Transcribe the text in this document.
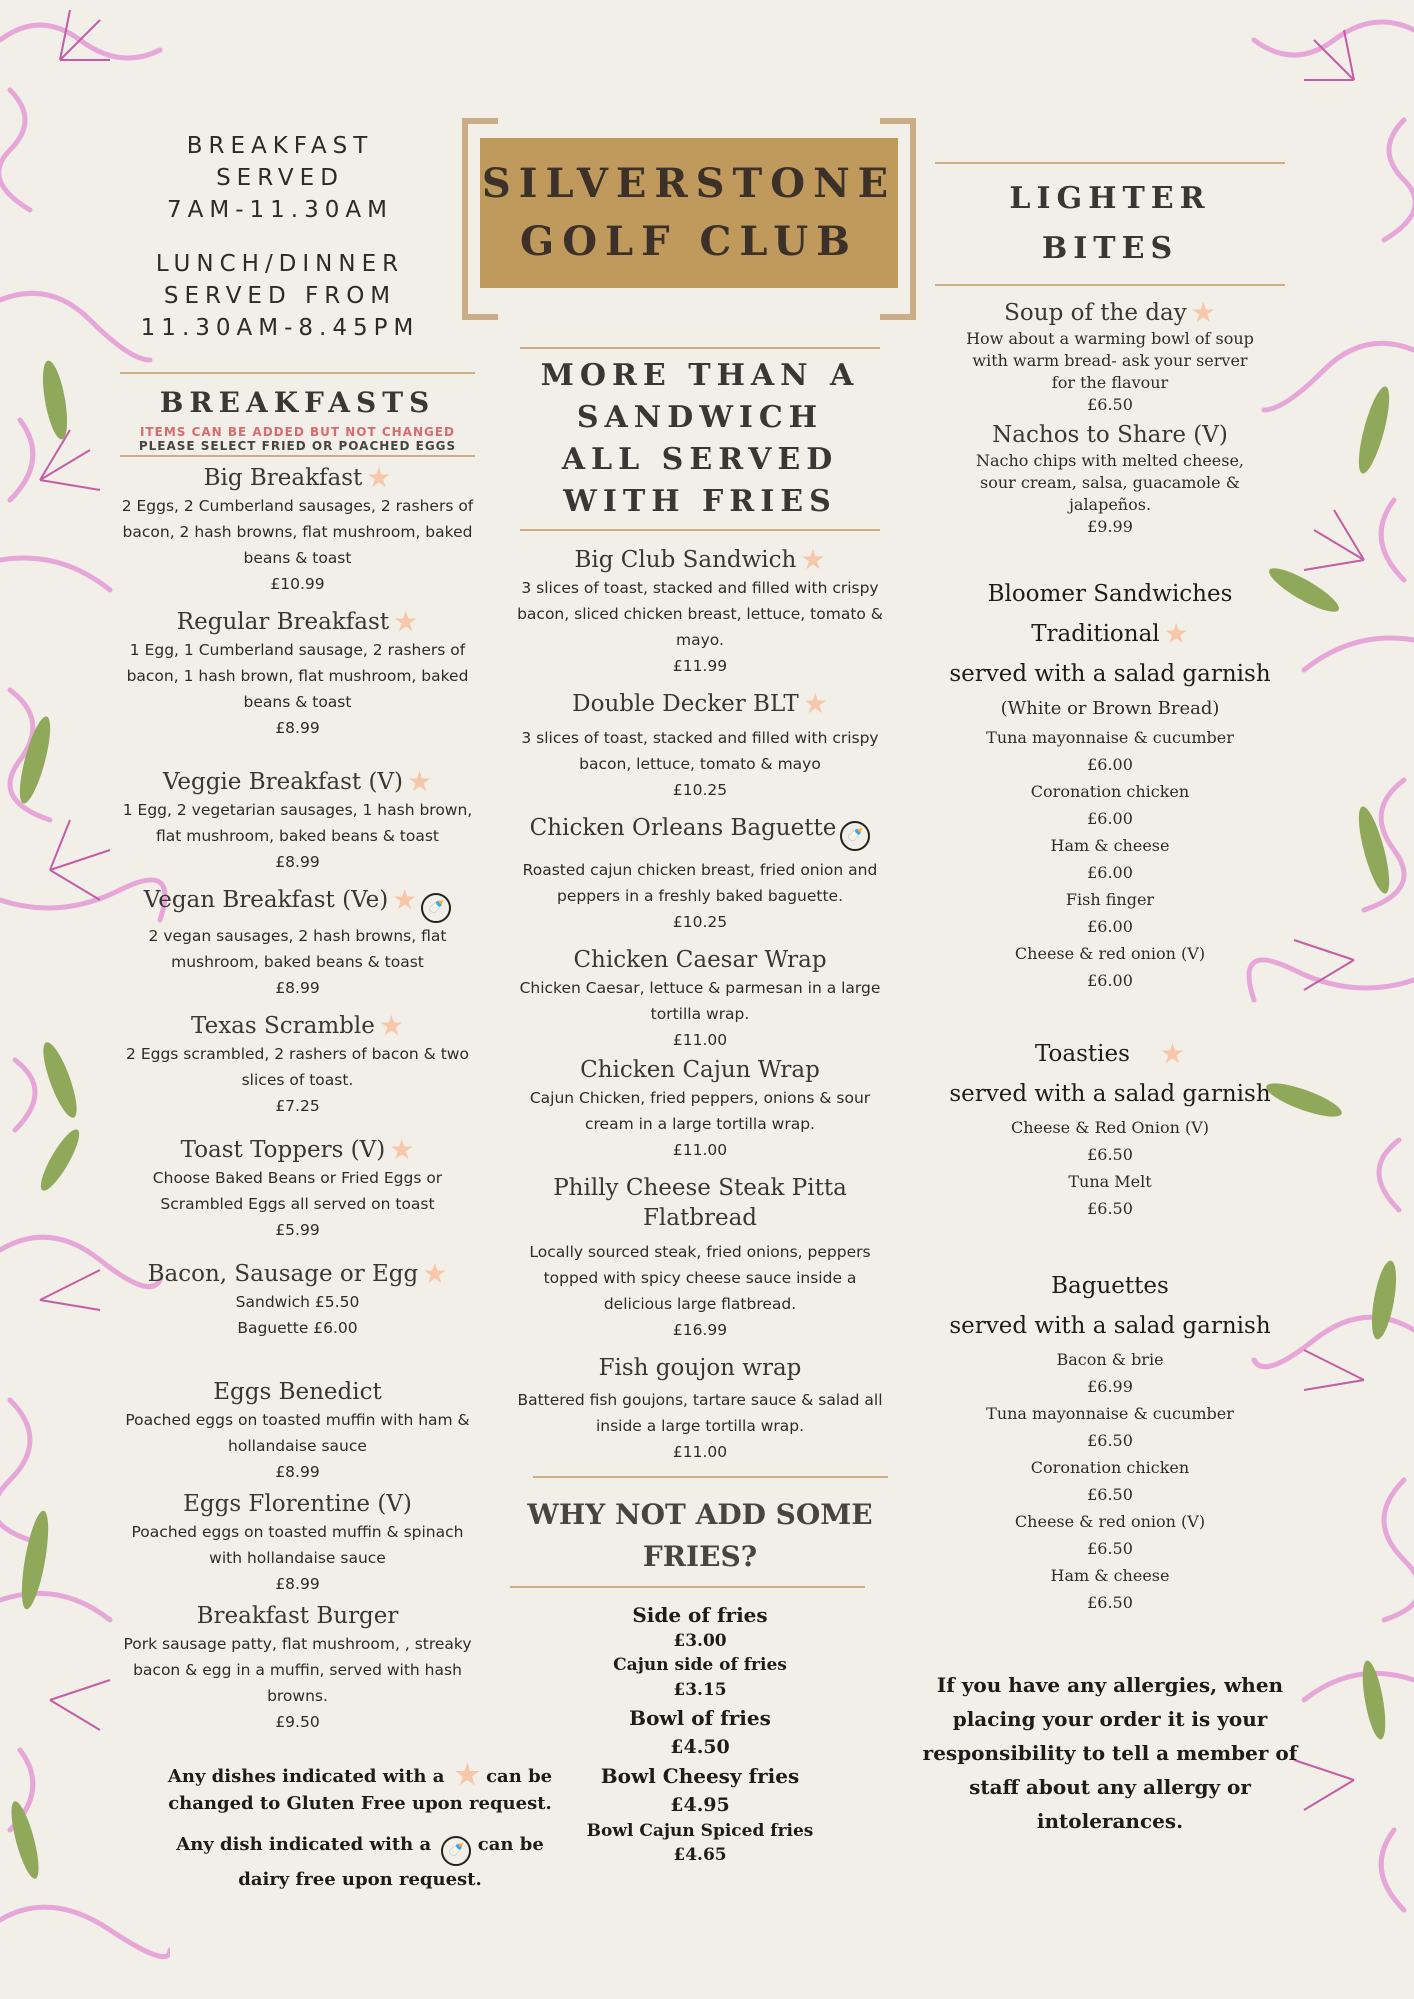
BREAKFAST
SERVED
7AM-11.30AM
LUNCH/DINNER
SERVED FROM
11.30AM-8.45PM
SILVERSTONE
GOLF CLUB
BREAKFASTS
ITEMS CAN BE ADDED BUT NOT CHANGED
PLEASE SELECT FRIED OR POACHED EGGS
Big Breakfast ★
2 Eggs, 2 Cumberland sausages, 2 rashers of bacon, 2 hash browns, flat mushroom, baked beans & toast
£10.99
Regular Breakfast ★
1 Egg, 1 Cumberland sausage, 2 rashers of bacon, 1 hash brown, flat mushroom, baked beans & toast
£8.99
Veggie Breakfast (V) ★
1 Egg, 2 vegetarian sausages, 1 hash brown, flat mushroom, baked beans & toast
£8.99
Vegan Breakfast (Ve) ★ 🍼
2 vegan sausages, 2 hash browns, flat mushroom, baked beans & toast
£8.99
Texas Scramble ★
2 Eggs scrambled, 2 rashers of bacon & two slices of toast.
£7.25
Toast Toppers (V) ★
Choose Baked Beans or Fried Eggs or Scrambled Eggs all served on toast
£5.99
Bacon, Sausage or Egg ★
Sandwich £5.50
Baguette £6.00
Eggs Benedict
Poached eggs on toasted muffin with ham & hollandaise sauce
£8.99
Eggs Florentine (V)
Poached eggs on toasted muffin & spinach with hollandaise sauce
£8.99
Breakfast Burger
Pork sausage patty, flat mushroom, , streaky bacon & egg in a muffin, served with hash browns.
£9.50
Any dishes indicated with a ★ can be changed to Gluten Free upon request.
Any dish indicated with a 🍼 can be dairy free upon request.
MORE THAN A
SANDWICH
ALL SERVED
WITH FRIES
Big Club Sandwich ★
3 slices of toast, stacked and filled with crispy bacon, sliced chicken breast, lettuce, tomato & mayo.
£11.99
Double Decker BLT ★
3 slices of toast, stacked and filled with crispy bacon, lettuce, tomato & mayo
£10.25
Chicken Orleans Baguette 🍼
Roasted cajun chicken breast, fried onion and peppers in a freshly baked baguette.
£10.25
Chicken Caesar Wrap
Chicken Caesar, lettuce & parmesan in a large tortilla wrap.
£11.00
Chicken Cajun Wrap
Cajun Chicken, fried peppers, onions & sour cream in a large tortilla wrap.
£11.00
Philly Cheese Steak Pitta Flatbread
Locally sourced steak, fried onions, peppers topped with spicy cheese sauce inside a delicious large flatbread.
£16.99
Fish goujon wrap
Battered fish goujons, tartare sauce & salad all inside a large tortilla wrap.
£11.00
WHY NOT ADD SOME
FRIES?
Side of fries
£3.00
Cajun side of fries
£3.15
Bowl of fries
£4.50
Bowl Cheesy fries
£4.95
Bowl Cajun Spiced fries
£4.65
LIGHTER BITES
Soup of the day ★
How about a warming bowl of soup with warm bread- ask your server for the flavour
£6.50
Nachos to Share (V)
Nacho chips with melted cheese, sour cream, salsa, guacamole & jalapeños.
£9.99
Bloomer Sandwiches
Traditional ★
served with a salad garnish
(White or Brown Bread)
Tuna mayonnaise & cucumber
£6.00
Coronation chicken
£6.00
Ham & cheese
£6.00
Fish finger
£6.00
Cheese & red onion (V)
£6.00
Toasties ★
served with a salad garnish
Cheese & Red Onion (V)
£6.50
Tuna Melt
£6.50
Baguettes
served with a salad garnish
Bacon & brie
£6.99
Tuna mayonnaise & cucumber
£6.50
Coronation chicken
£6.50
Cheese & red onion (V)
£6.50
Ham & cheese
£6.50
If you have any allergies, when placing your order it is your responsibility to tell a member of staff about any allergy or intolerances.
